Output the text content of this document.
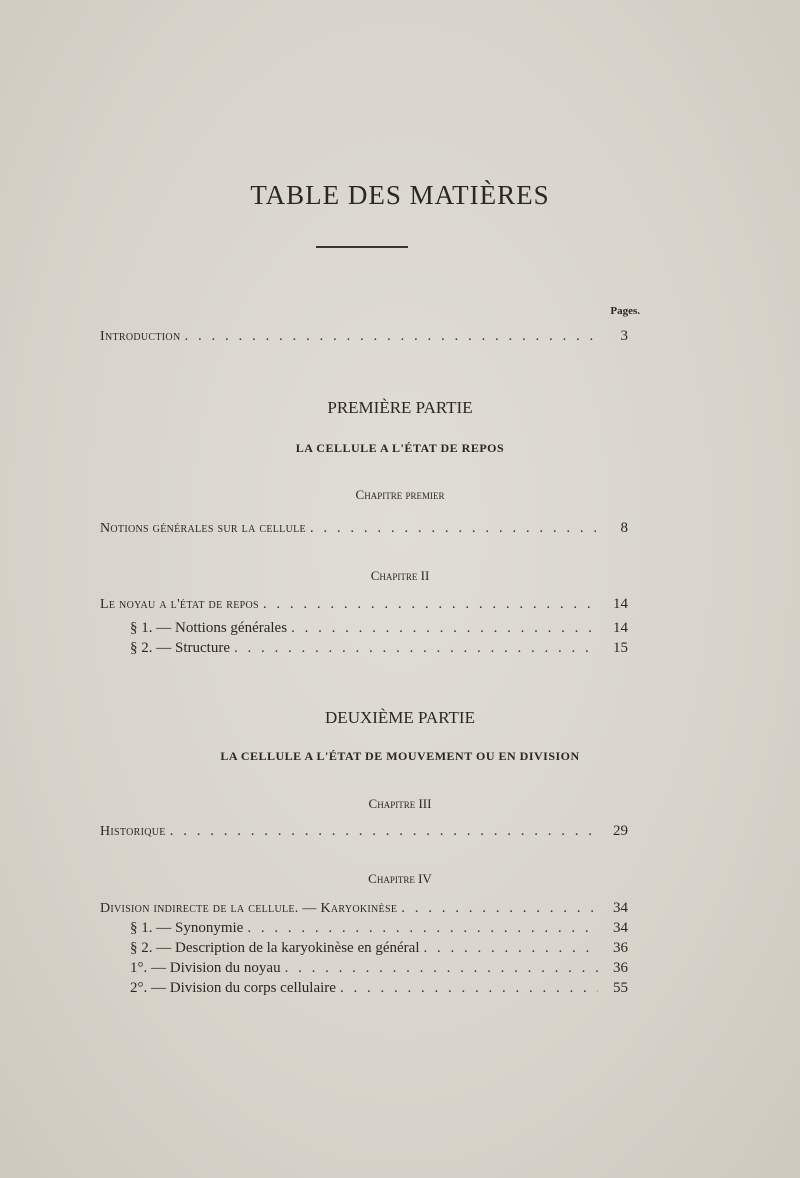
TABLE DES MATIÈRES
Pages.
Introduction . . .	3
PREMIÈRE PARTIE
LA CELLULE A L'ÉTAT DE REPOS
Chapitre premier
Notions générales sur la cellule . . .	8
Chapitre II
Le noyau a l'état de repos . . .	14
§ 1. — Nottions générales . . .	14
§ 2. — Structure . . .	15
DEUXIÈME PARTIE
LA CELLULE A L'ÉTAT DE MOUVEMENT OU EN DIVISION
Chapitre III
Historique . . .	29
Chapitre IV
Division indirecte de la cellule. — Karyokinèse . . .	34
§ 1. — Synonymie . . .	34
§ 2. — Description de la karyokinèse en général . . .	36
1°. — Division du noyau . . .	36
2°. — Division du corps cellulaire . . .	55
